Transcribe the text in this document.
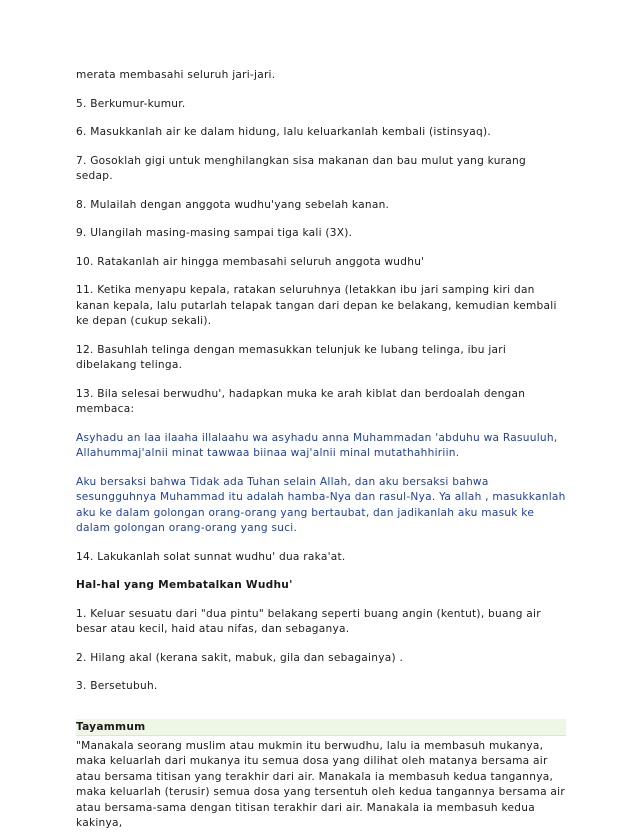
merata membasahi seluruh jari-jari.

5. Berkumur-kumur.

6. Masukkanlah air ke dalam hidung, lalu keluarkanlah kembali (istinsyaq).

7. Gosoklah gigi untuk menghilangkan sisa makanan dan bau mulut yang kurang sedap.

8. Mulailah dengan anggota wudhu'yang sebelah kanan.

9. Ulangilah masing-masing sampai tiga kali (3X).

10. Ratakanlah air hingga membasahi seluruh anggota wudhu'

11. Ketika menyapu kepala, ratakan seluruhnya (letakkan ibu jari samping kiri dan kanan kepala, lalu putarlah telapak tangan dari depan ke belakang, kemudian kembali ke depan (cukup sekali).

12. Basuhlah telinga dengan memasukkan telunjuk ke lubang telinga, ibu jari dibelakang telinga.

13. Bila selesai berwudhu', hadapkan muka ke arah kiblat dan berdoalah dengan membaca:

Asyhadu an laa ilaaha illalaahu wa asyhadu anna Muhammadan 'abduhu wa Rasuuluh, Allahummaj'alnii minat tawwaa biinaa waj'alnii minal mutathahhiriin.

Aku bersaksi bahwa Tidak ada Tuhan selain Allah, dan aku bersaksi bahwa sesungguhnya Muhammad itu adalah hamba-Nya dan rasul-Nya. Ya allah , masukkanlah aku ke dalam golongan orang-orang yang bertaubat, dan jadikanlah aku masuk ke dalam golongan orang-orang yang suci.

14. Lakukanlah solat sunnat wudhu' dua raka'at.

Hal-hal yang Membatalkan Wudhu'

1. Keluar sesuatu dari "dua pintu" belakang seperti buang angin (kentut), buang air besar atau kecil, haid atau nifas, dan sebaganya.

2. Hilang akal (kerana sakit, mabuk, gila dan sebagainya) .

3. Bersetubuh.

Tayammum
"Manakala seorang muslim atau mukmin itu berwudhu, lalu ia membasuh mukanya, maka keluarlah dari mukanya itu semua dosa yang dilihat oleh matanya bersama air atau bersama titisan yang terakhir dari air. Manakala ia membasuh kedua tangannya, maka keluarlah (terusir) semua dosa yang tersentuh oleh kedua tangannya bersama air atau bersama-sama dengan titisan terakhir dari air. Manakala ia membasuh kedua kakinya,
